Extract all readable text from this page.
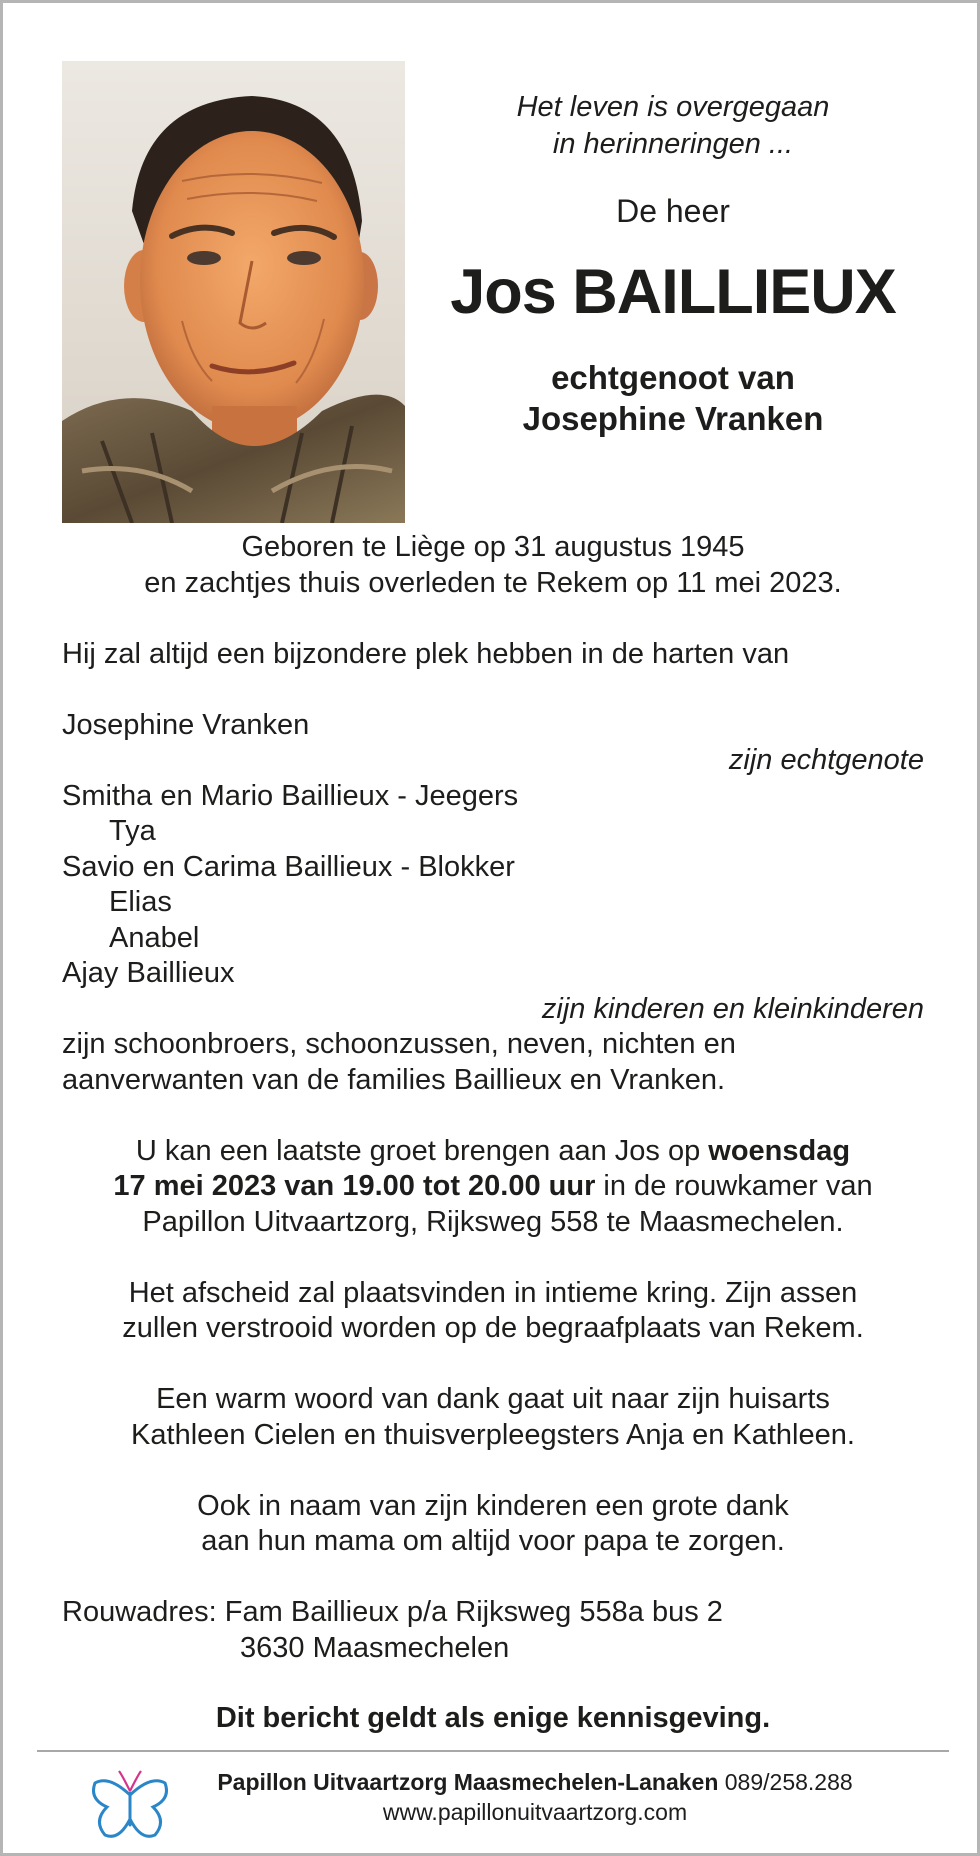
Het leven is overgegaan

in herinneringen ...

De heer

Jos BAILLIEUX

echtgenoot van

Josephine Vranken

Geboren te Liège op 31 augustus 1945

en zachtjes thuis overleden te Rekem op 11 mei 2023.

Hij zal altijd een bijzondere plek hebben in de harten van

Josephine Vranken

zijn echtgenote

Smitha en Mario Baillieux - Jeegers

Tya

Savio en Carima Baillieux - Blokker

Elias

Anabel

Ajay Baillieux

zijn kinderen en kleinkinderen

zijn schoonbroers, schoonzussen, neven, nichten en

aanverwanten van de families Baillieux en Vranken.

U kan een laatste groet brengen aan Jos op woensdag
17 mei 2023 van 19.00 tot 20.00 uur in de rouwkamer van
Papillon Uitvaartzorg, Rijksweg 558 te Maasmechelen.

Het afscheid zal plaatsvinden in intieme kring. Zijn assen

zullen verstrooid worden op de begraafplaats van Rekem.

Een warm woord van dank gaat uit naar zijn huisarts

Kathleen Cielen en thuisverpleegsters Anja en Kathleen.

Ook in naam van zijn kinderen een grote dank

aan hun mama om altijd voor papa te zorgen.

Rouwadres: Fam Baillieux p/a Rijksweg 558a bus 2

3630 Maasmechelen

Dit bericht geldt als enige kennisgeving.

Papillon Uitvaartzorg Maasmechelen-Lanaken 089/258.288
www.papillonuitvaartzorg.com
